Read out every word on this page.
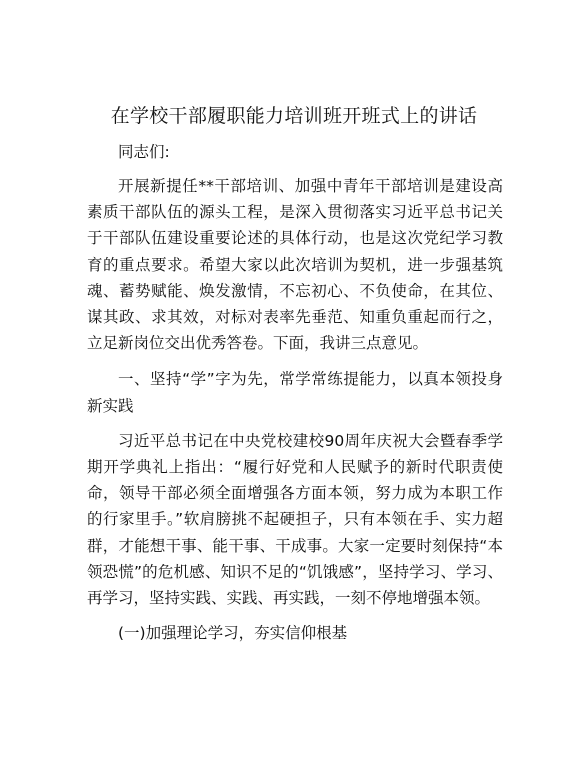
在学校干部履职能力培训班开班式上的讲话
同志们:

开展新提任**干部培训、加强中青年干部培训是建设高素质干部队伍的源头工程，是深入贯彻落实习近平总书记关于干部队伍建设重要论述的具体行动，也是这次党纪学习教育的重点要求。希望大家以此次培训为契机，进一步强基筑魂、蓄势赋能、焕发激情，不忘初心、不负使命，在其位、谋其政、求其效，对标对表率先垂范、知重负重起而行之，立足新岗位交出优秀答卷。下面，我讲三点意见。

一、坚持“学”字为先，常学常练提能力，以真本领投身新实践

习近平总书记在中央党校建校90周年庆祝大会暨春季学期开学典礼上指出：“履行好党和人民赋予的新时代职责使命，领导干部必须全面增强各方面本领，努力成为本职工作的行家里手。”软肩膀挑不起硬担子，只有本领在手、实力超群，才能想干事、能干事、干成事。大家一定要时刻保持“本领恐慌”的危机感、知识不足的“饥饿感”，坚持学习、学习、再学习，坚持实践、实践、再实践，一刻不停地增强本领。

(一)加强理论学习，夯实信仰根基
